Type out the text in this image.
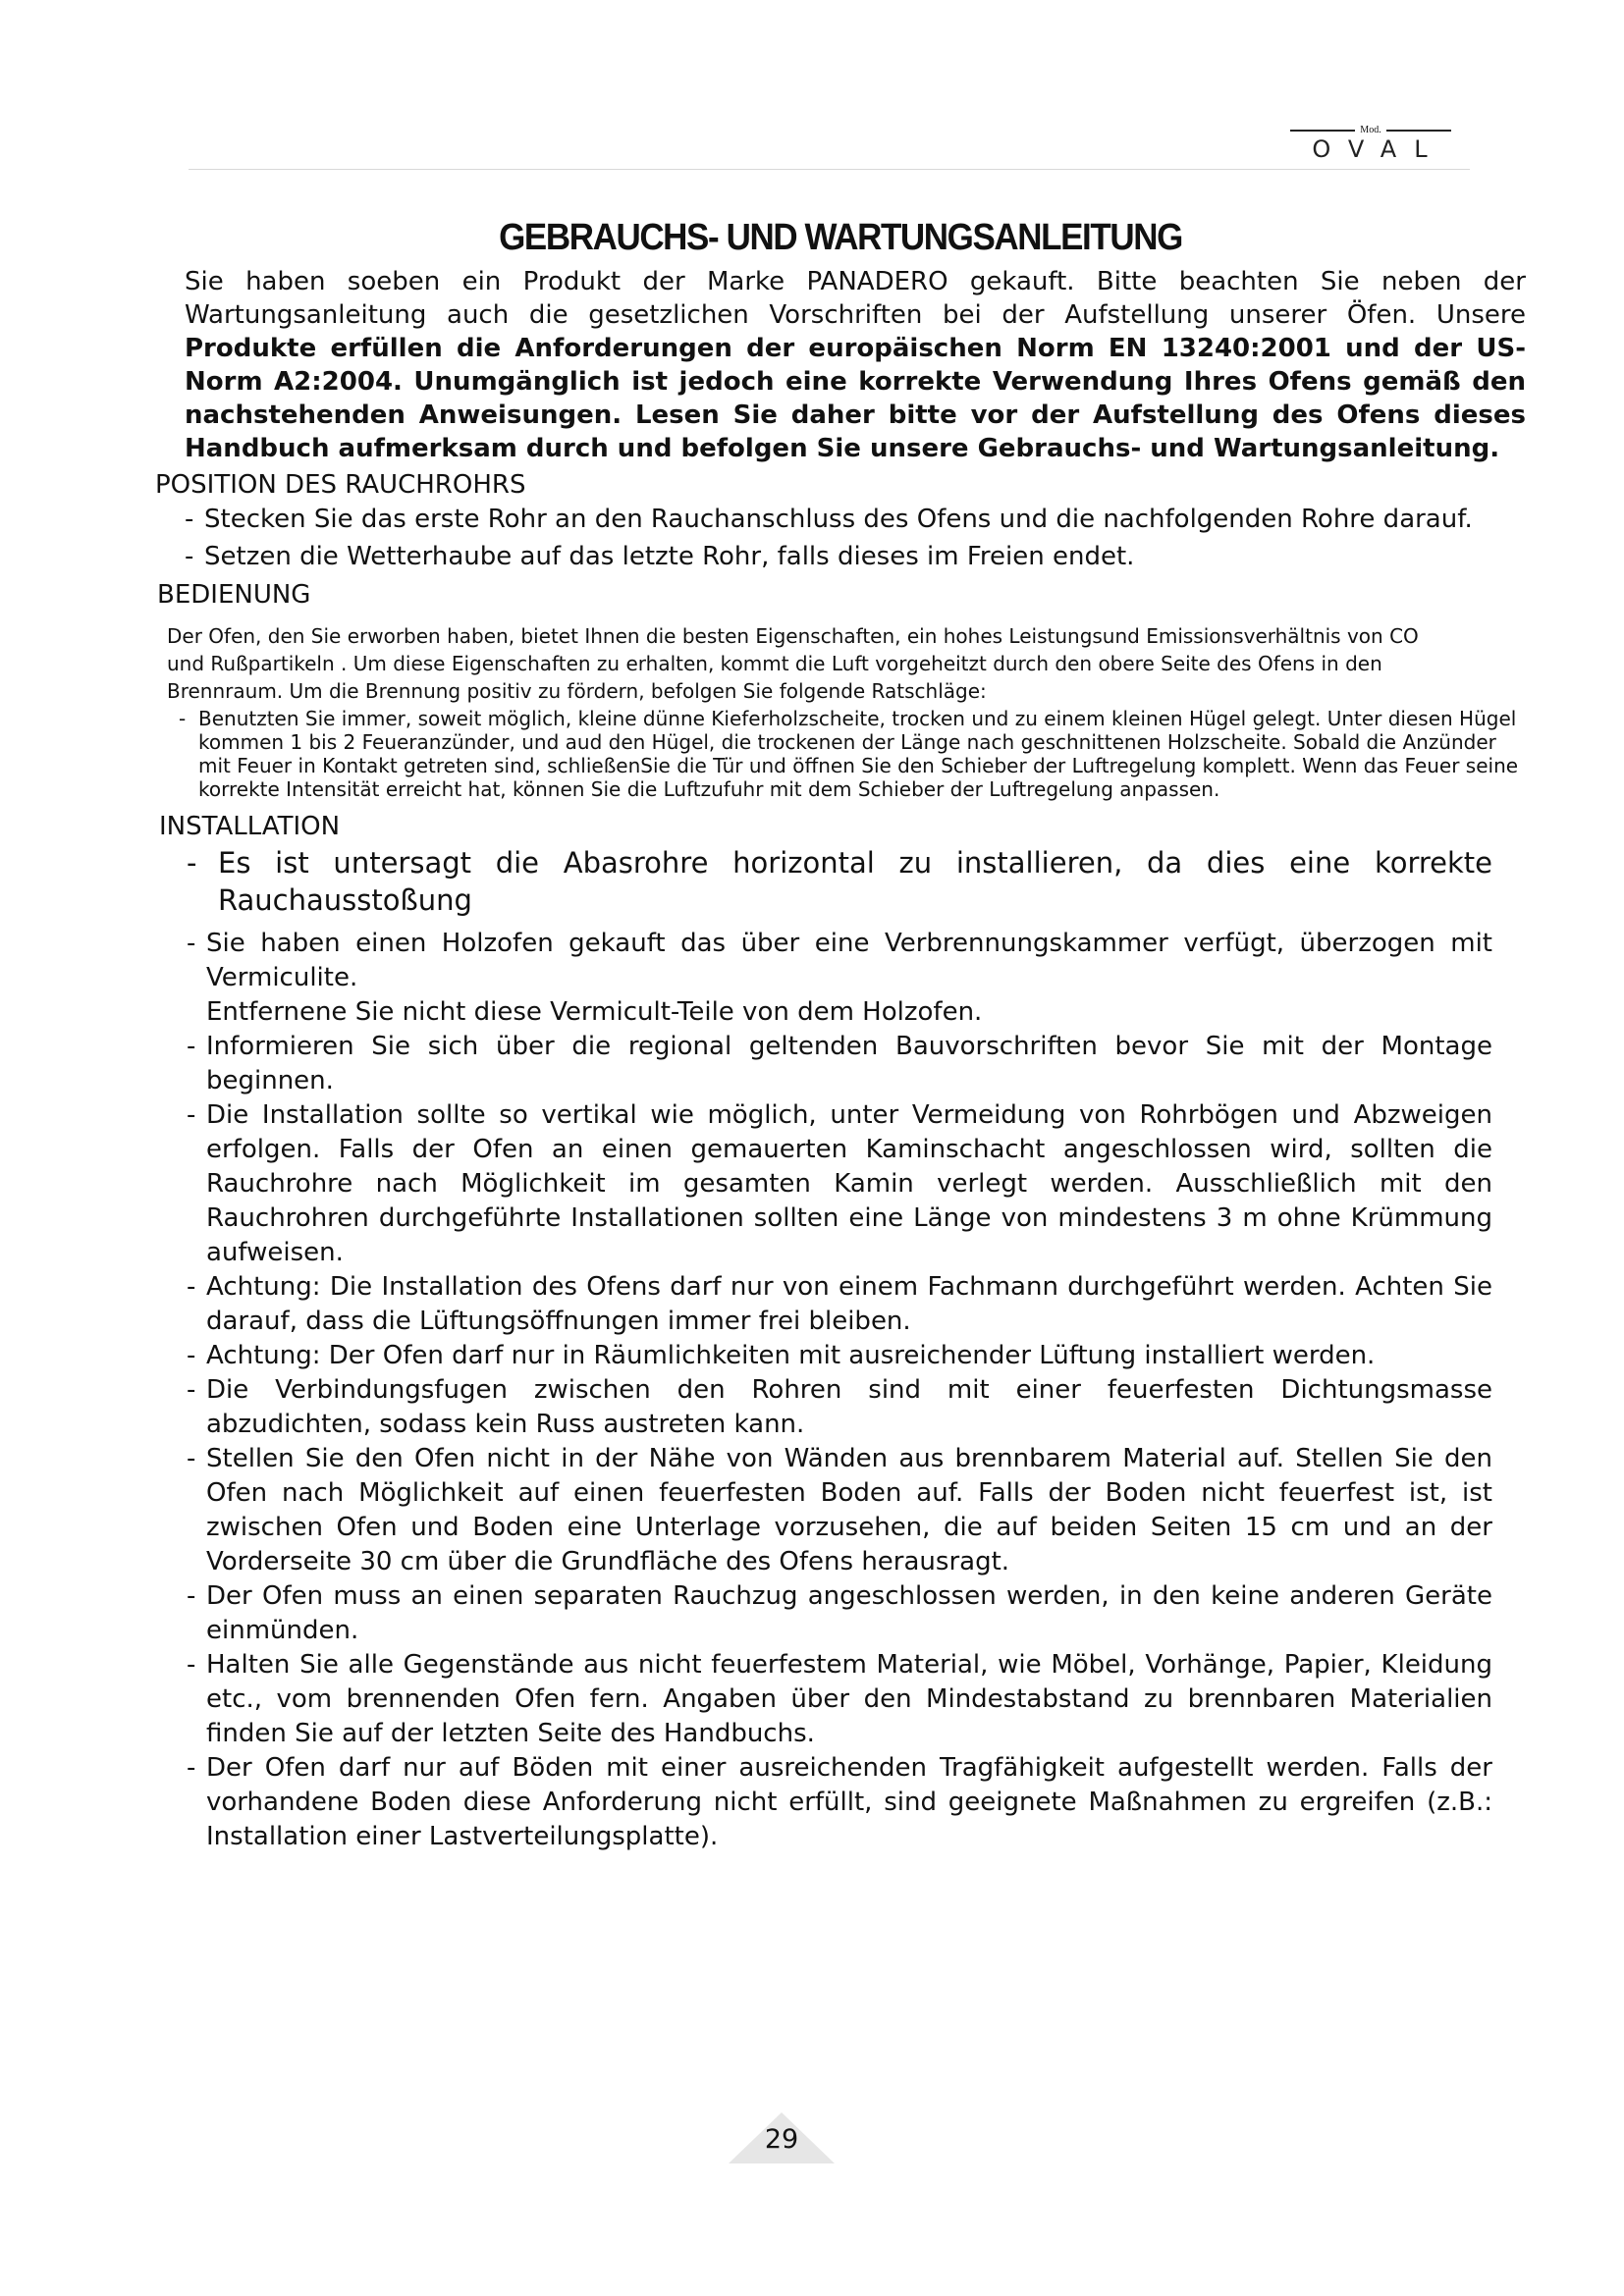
Mod.
OVAL
GEBRAUCHS- UND WARTUNGSANLEITUNG

Sie haben soeben ein Produkt der Marke PANADERO gekauft. Bitte beachten Sie neben der Wartungsanleitung auch die gesetzlichen Vorschriften bei der Aufstellung unserer Öfen. Unsere Produkte erfüllen die Anforderungen der europäischen Norm EN 13240:2001 und der US-Norm A2:2004. Unumgänglich ist jedoch eine korrekte Verwendung Ihres Ofens gemäß den nachstehenden Anweisungen. Lesen Sie daher bitte vor der Aufstellung des Ofens dieses Handbuch aufmerksam durch und befolgen Sie unsere Gebrauchs- und Wartungsanleitung.

POSITION DES RAUCHROHRS
- Stecken Sie das erste Rohr an den Rauchanschluss des Ofens und die nachfolgenden Rohre darauf.
- Setzen die Wetterhaube auf das letzte Rohr, falls dieses im Freien endet.
BEDIENUNG

Der Ofen, den Sie erworben haben, bietet Ihnen die besten Eigenschaften, ein hohes Leistungsund Emissionsverhältnis von CO und Rußpartikeln . Um diese Eigenschaften zu erhalten, kommt die Luft vorgeheitzt durch den obere Seite des Ofens in den Brennraum. Um die Brennung positiv zu fördern, befolgen Sie folgende Ratschläge:

- Benutzten Sie immer, soweit möglich, kleine dünne Kieferholzscheite, trocken und zu einem kleinen Hügel gelegt. Unter diesen Hügel kommen 1 bis 2 Feueranzünder, und aud den Hügel, die trockenen der Länge nach geschnittenen Holzscheite. Sobald die Anzünder mit Feuer in Kontakt getreten sind, schließenSie die Tür und öffnen Sie den Schieber der Luftregelung komplett. Wenn das Feuer seine korrekte Intensität erreicht hat, können Sie die Luftzufuhr mit dem Schieber der Luftregelung anpassen.
INSTALLATION
- Es ist untersagt die Abasrohre horizontal zu installieren, da dies eine korrekte Rauchausstoßung
- Sie haben einen Holzofen gekauft das über eine Verbrennungskammer verfügt, überzogen mit Vermiculite.
Entfernene Sie nicht diese Vermicult-Teile von dem Holzofen.
- Informieren Sie sich über die regional geltenden Bauvorschriften bevor Sie mit der Montage beginnen.
- Die Installation sollte so vertikal wie möglich, unter Vermeidung von Rohrbögen und Abzweigen erfolgen. Falls der Ofen an einen gemauerten Kaminschacht angeschlossen wird, sollten die Rauchrohre nach Möglichkeit im gesamten Kamin verlegt werden. Ausschließlich mit den Rauchrohren durchgeführte Installationen sollten eine Länge von mindestens 3 m ohne Krümmung aufweisen.
- Achtung: Die Installation des Ofens darf nur von einem Fachmann durchgeführt werden. Achten Sie darauf, dass die Lüftungsöffnungen immer frei bleiben.
- Achtung: Der Ofen darf nur in Räumlichkeiten mit ausreichender Lüftung installiert werden.
- Die Verbindungsfugen zwischen den Rohren sind mit einer feuerfesten Dichtungsmasse abzudichten, sodass kein Russ austreten kann.
- Stellen Sie den Ofen nicht in der Nähe von Wänden aus brennbarem Material auf. Stellen Sie den Ofen nach Möglichkeit auf einen feuerfesten Boden auf. Falls der Boden nicht feuerfest ist, ist zwischen Ofen und Boden eine Unterlage vorzusehen, die auf beiden Seiten 15 cm und an der Vorderseite 30 cm über die Grundfläche des Ofens herausragt.
- Der Ofen muss an einen separaten Rauchzug angeschlossen werden, in den keine anderen Geräte einmünden.
- Halten Sie alle Gegenstände aus nicht feuerfestem Material, wie Möbel, Vorhänge, Papier, Kleidung etc., vom brennenden Ofen fern. Angaben über den Mindestabstand zu brennbaren Materialien finden Sie auf der letzten Seite des Handbuchs.
- Der Ofen darf nur auf Böden mit einer ausreichenden Tragfähigkeit aufgestellt werden. Falls der vorhandene Boden diese Anforderung nicht erfüllt, sind geeignete Maßnahmen zu ergreifen (z.B.: Installation einer Lastverteilungsplatte).
29
